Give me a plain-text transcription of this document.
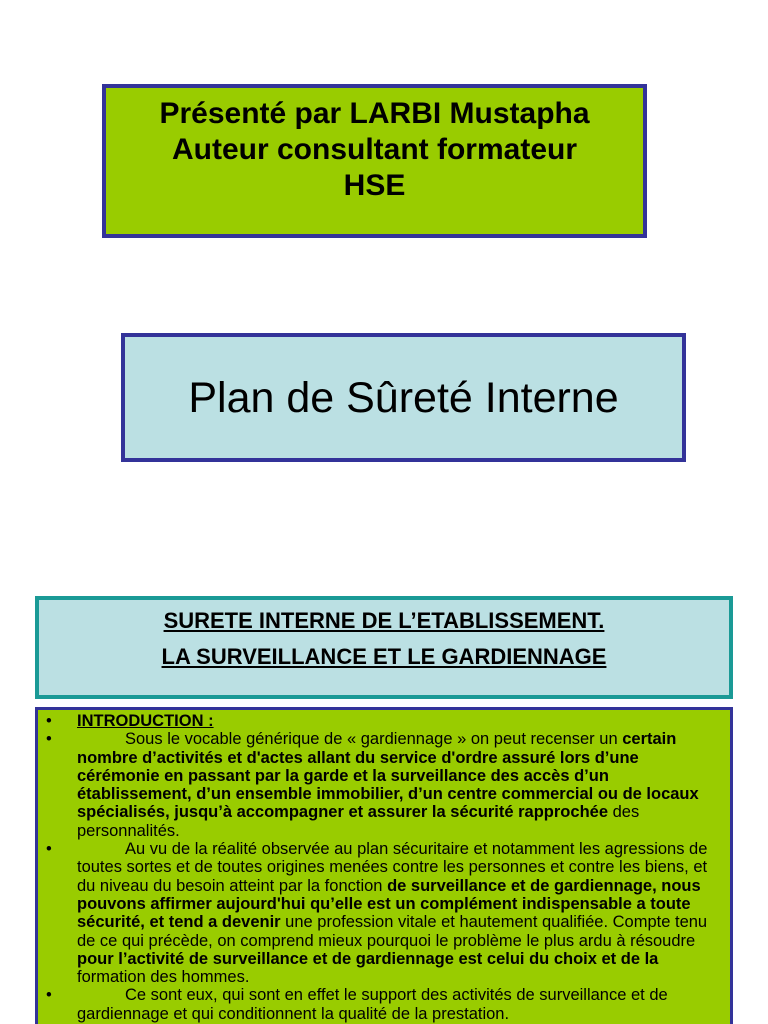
Présenté par LARBI Mustapha
Auteur consultant formateur
HSE
Plan de Sûreté Interne
SURETE INTERNE DE L’ETABLISSEMENT.
LA SURVEILLANCE ET LE GARDIENNAGE
•	INTRODUCTION :
•	Sous le vocable générique de « gardiennage » on peut recenser un certain nombre d’activités et d'actes allant du service d'ordre assuré lors d’une cérémonie en passant par la garde et la surveillance des accès d’un établissement, d’un ensemble immobilier, d’un centre commercial ou de locaux spécialisés, jusqu’à accompagner et assurer la sécurité rapprochée des personnalités.
•	Au vu de la réalité observée au plan sécuritaire et notamment les agressions de toutes sortes et de toutes origines menées contre les personnes et contre les biens, et du niveau du besoin atteint par la fonction de surveillance et de gardiennage, nous pouvons affirmer aujourd'hui qu’elle est un complément indispensable a toute sécurité, et tend a devenir une profession vitale et hautement qualifiée. Compte tenu de ce qui précède, on comprend mieux pourquoi le problème le plus ardu à résoudre pour l’activité de surveillance et de gardiennage est celui du choix et de la formation des hommes.
•	Ce sont eux, qui sont en effet le support des activités de surveillance et de gardiennage et qui conditionnent la qualité de la prestation.
